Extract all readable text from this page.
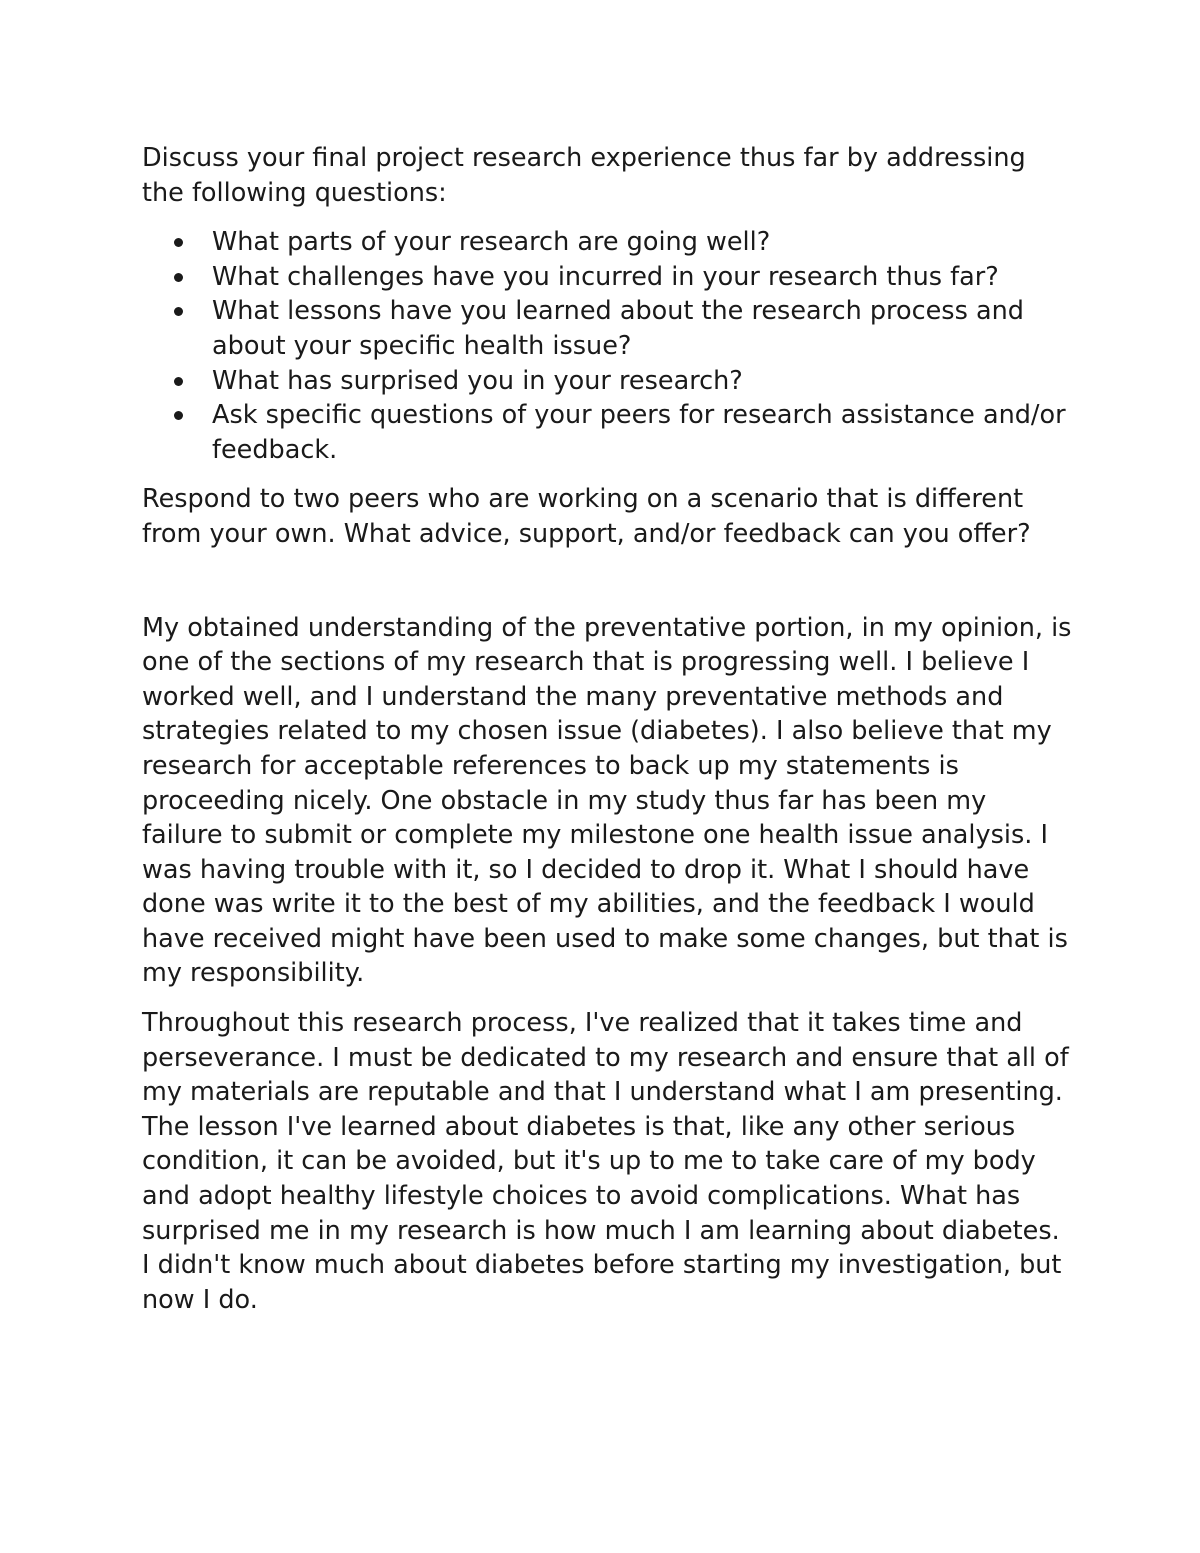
Discuss your final project research experience thus far by addressing the following questions:

What parts of your research are going well?
What challenges have you incurred in your research thus far?
What lessons have you learned about the research process and about your specific health issue?
What has surprised you in your research?
Ask specific questions of your peers for research assistance and/or feedback.

Respond to two peers who are working on a scenario that is different from your own. What advice, support, and/or feedback can you offer?

My obtained understanding of the preventative portion, in my opinion, is one of the sections of my research that is progressing well. I believe I worked well, and I understand the many preventative methods and strategies related to my chosen issue (diabetes). I also believe that my research for acceptable references to back up my statements is proceeding nicely. One obstacle in my study thus far has been my failure to submit or complete my milestone one health issue analysis. I was having trouble with it, so I decided to drop it. What I should have done was write it to the best of my abilities, and the feedback I would have received might have been used to make some changes, but that is my responsibility.

Throughout this research process, I've realized that it takes time and perseverance. I must be dedicated to my research and ensure that all of my materials are reputable and that I understand what I am presenting. The lesson I've learned about diabetes is that, like any other serious condition, it can be avoided, but it's up to me to take care of my body and adopt healthy lifestyle choices to avoid complications. What has surprised me in my research is how much I am learning about diabetes. I didn't know much about diabetes before starting my investigation, but now I do.
